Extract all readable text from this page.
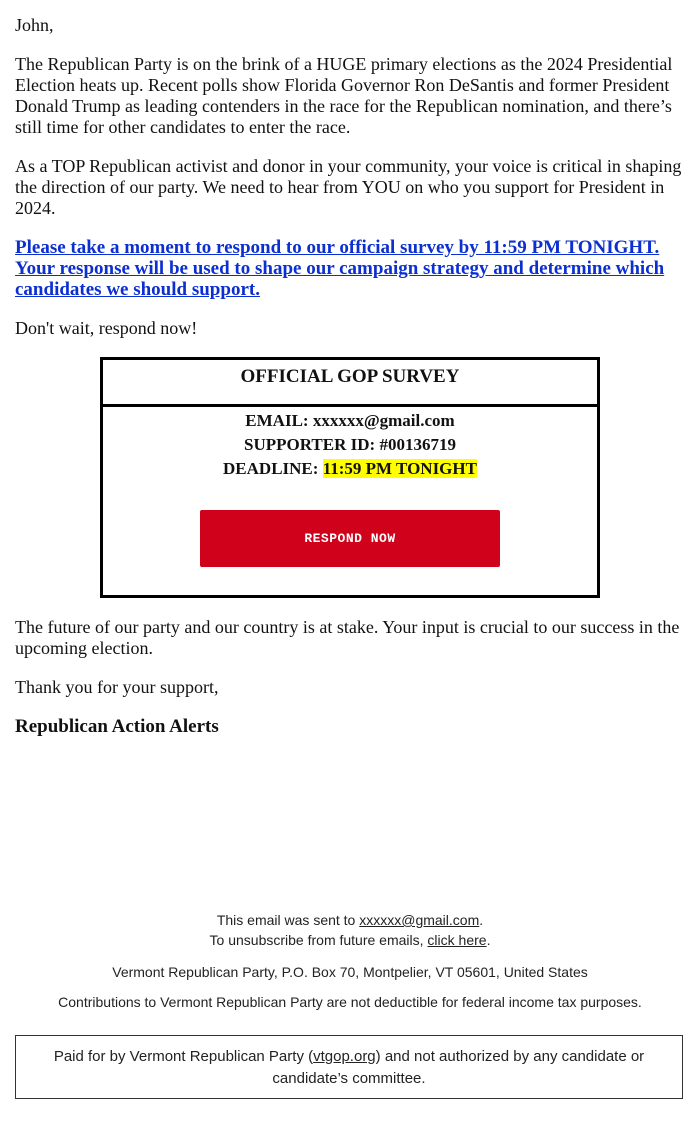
John,

The Republican Party is on the brink of a HUGE primary elections as the 2024 Presidential Election heats up. Recent polls show Florida Governor Ron DeSantis and former President Donald Trump as leading contenders in the race for the Republican nomination, and there’s still time for other candidates to enter the race.

As a TOP Republican activist and donor in your community, your voice is critical in shaping the direction of our party. We need to hear from YOU on who you support for President in 2024.

Please take a moment to respond to our official survey by 11:59 PM TONIGHT. Your response will be used to shape our campaign strategy and determine which candidates we should support.

Don't wait, respond now!

OFFICIAL GOP SURVEY
EMAIL: xxxxxx@gmail.com
SUPPORTER ID: #00136719
DEADLINE: 11:59 PM TONIGHT
RESPOND NOW

The future of our party and our country is at stake. Your input is crucial to our success in the upcoming election.

Thank you for your support,

Republican Action Alerts

This email was sent to xxxxxx@gmail.com.

To unsubscribe from future emails, click here.

Vermont Republican Party, P.O. Box 70, Montpelier, VT 05601, United States

Contributions to Vermont Republican Party are not deductible for federal income tax purposes.

Paid for by Vermont Republican Party (vtgop.org) and not authorized by any candidate or candidate’s committee.
